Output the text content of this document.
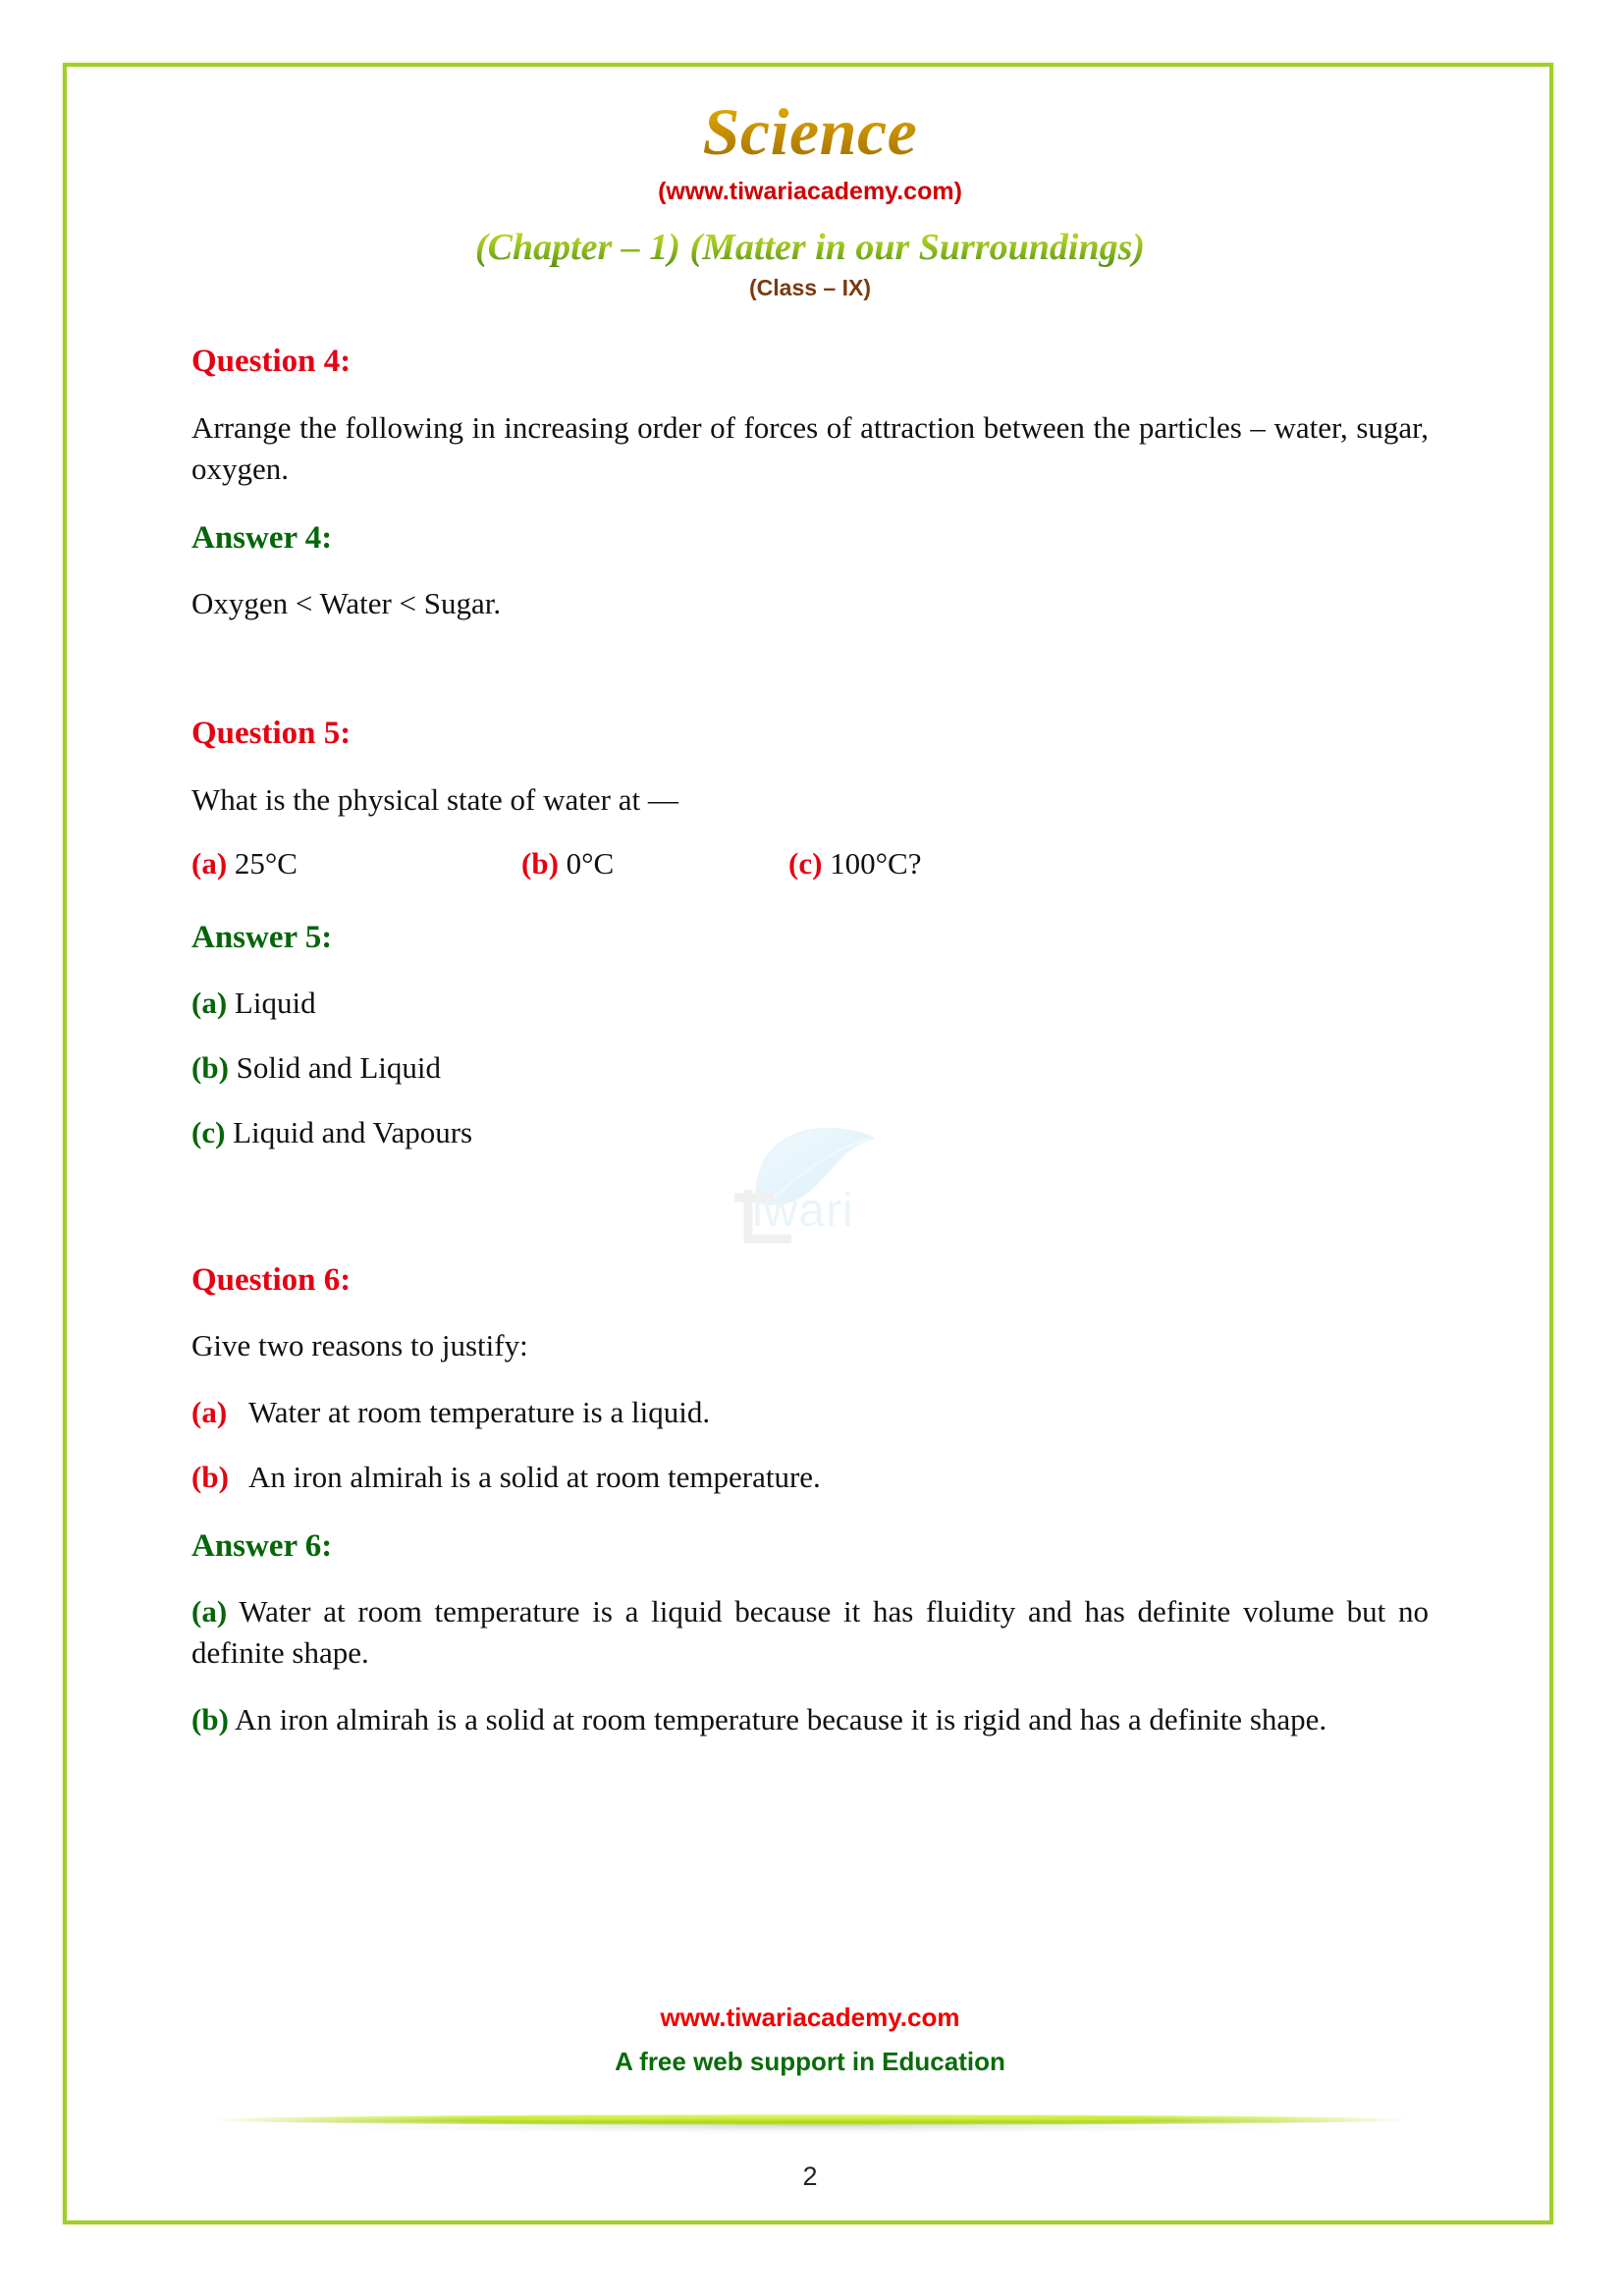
Science
(www.tiwariacademy.com)
(Chapter – 1) (Matter in our Surroundings)
(Class – IX)
Question 4:
Arrange the following in increasing order of forces of attraction between the particles – water, sugar, oxygen.
Answer 4:
Oxygen < Water < Sugar.
Question 5:
What is the physical state of water at —
(a) 25°C	(b) 0°C	(c) 100°C?
Answer 5:
(a) Liquid
(b) Solid and Liquid
(c) Liquid and Vapours
Question 6:
Give two reasons to justify:
(a) Water at room temperature is a liquid.
(b) An iron almirah is a solid at room temperature.
Answer 6:
(a) Water at room temperature is a liquid because it has fluidity and has definite volume but no definite shape.
(b) An iron almirah is a solid at room temperature because it is rigid and has a definite shape.
iwari
www.tiwariacademy.com
A free web support in Education
2
